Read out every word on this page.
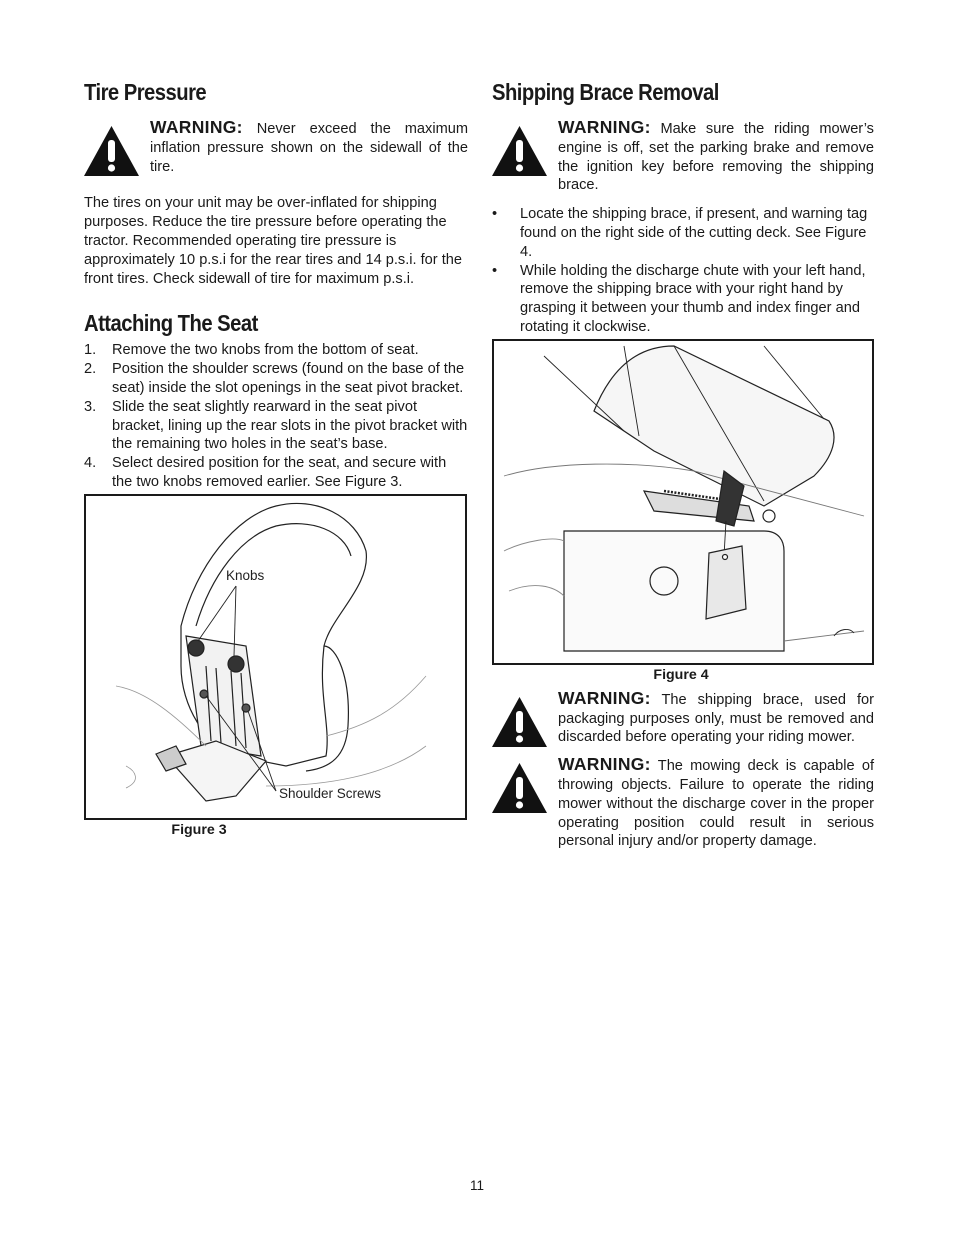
Tire Pressure

WARNING: Never exceed the maximum inflation pressure shown on the sidewall of the tire.

The tires on your unit may be over-inflated for shipping purposes. Reduce the tire pressure before operating the tractor. Recommended operating tire pressure is approximately 10 p.s.i for the rear tires and 14 p.s.i. for the front tires. Check sidewall of tire for maximum p.s.i.

Attaching The Seat
1. Remove the two knobs from the bottom of seat.
2. Position the shoulder screws (found on the base of the seat) inside the slot openings in the seat pivot bracket.
3. Slide the seat slightly rearward in the seat pivot bracket, lining up the rear slots in the pivot bracket with the remaining two holes in the seat’s base.
4. Select desired position for the seat, and secure with the two knobs removed earlier. See Figure 3.
Knobs
Shoulder Screws
Figure 3
Shipping Brace Removal

WARNING: Make sure the riding mower’s engine is off, set the parking brake and remove the ignition key before removing the shipping brace.

• Locate the shipping brace, if present, and warning tag found on the right side of the cutting deck. See Figure 4.
• While holding the discharge chute with your left hand, remove the shipping brace with your right hand by grasping it between your thumb and index finger and rotating it clockwise.
Figure 4

WARNING: The shipping brace, used for packaging purposes only, must be removed and discarded before operating your riding mower.

WARNING: The mowing deck is capable of throwing objects. Failure to operate the riding mower without the discharge cover in the proper operating position could result in serious personal injury and/or property damage.

11
